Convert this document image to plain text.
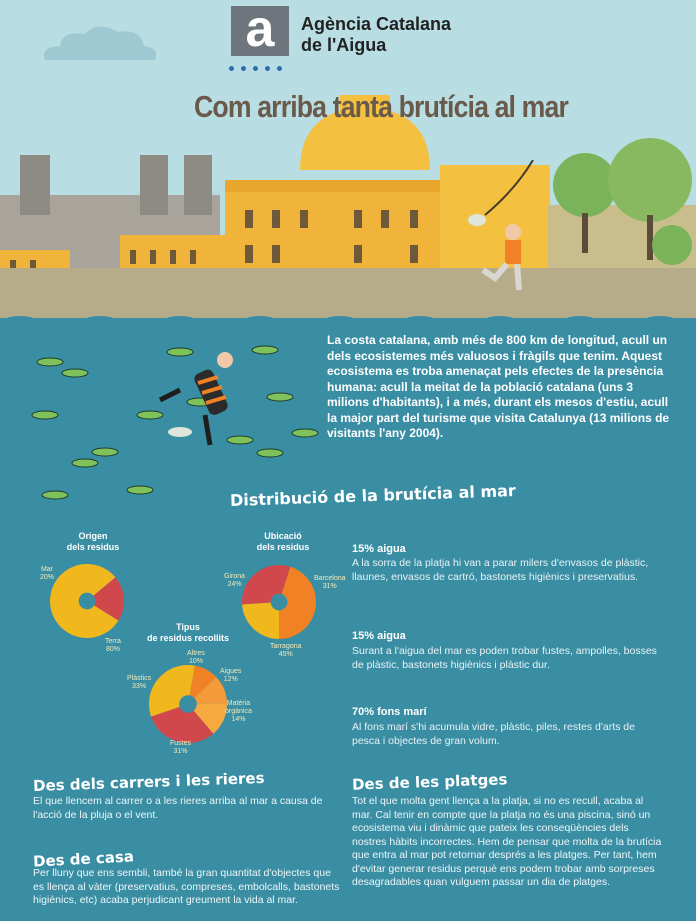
a	Agència Catalana
de l'Aigua
Com arriba tanta brutícia al mar
La costa catalana, amb més de 800 km de longitud, acull un dels ecosistemes més valuosos i fràgils que tenim. Aquest ecosistema es troba amenaçat pels efectes de la presència humana: acull la meitat de la població catalana (uns 3 milions d'habitants), i a més, durant els mesos d'estiu, acull la major part del turisme que visita Catalunya (13 milions de visitants l'any 2004).
Distribució de la brutícia al mar
Origen
dels residus
Mar
20%
Terra
80%
Ubicació
dels residus
Girona
24%
Barcelona
31%
Tarragona
45%
Tipus
de residus recollits
Altres
10%
Aigues
12%
Matèria
orgànica
14%
Fustes
31%
Plàstics
33%
15% aigua
A la sorra de la platja hi van a parar milers d'envasos de plàstic, llaunes, envasos de cartró, bastonets higiènics i preservatius.
15% aigua
Surant a l'aigua del mar es poden trobar fustes, ampolles, bosses de plàstic, bastonets higiènics i plàstic dur.
70% fons marí
Al fons marí s'hi acumula vidre, plàstic, piles, restes d'arts de pesca i objectes de gran volum.
Des dels carrers i les rieres
El que llencem al carrer o a les rieres arriba al mar a causa de l'acció de la pluja o el vent.
Des de casa
Per lluny que ens sembli, també la gran quantitat d'objectes que es llença al vàter (preservatius, compreses, embolcalls, bastonets higiènics, etc) acaba perjudicant greument la vida al mar.
Des de les platges
Tot el que molta gent llença a la platja, si no es recull, acaba al mar. Cal tenir en compte que la platja no és una piscina, sinó un ecosistema viu i dinàmic que pateix les conseqüències dels nostres hàbits incorrectes. Hem de pensar que molta de la brutícia que entra al mar pot retornar després a les platges. Per tant, hem d'evitar generar residus perquè ens podem trobar amb sorpreses desagradables quan vulguem passar un dia de platges.
